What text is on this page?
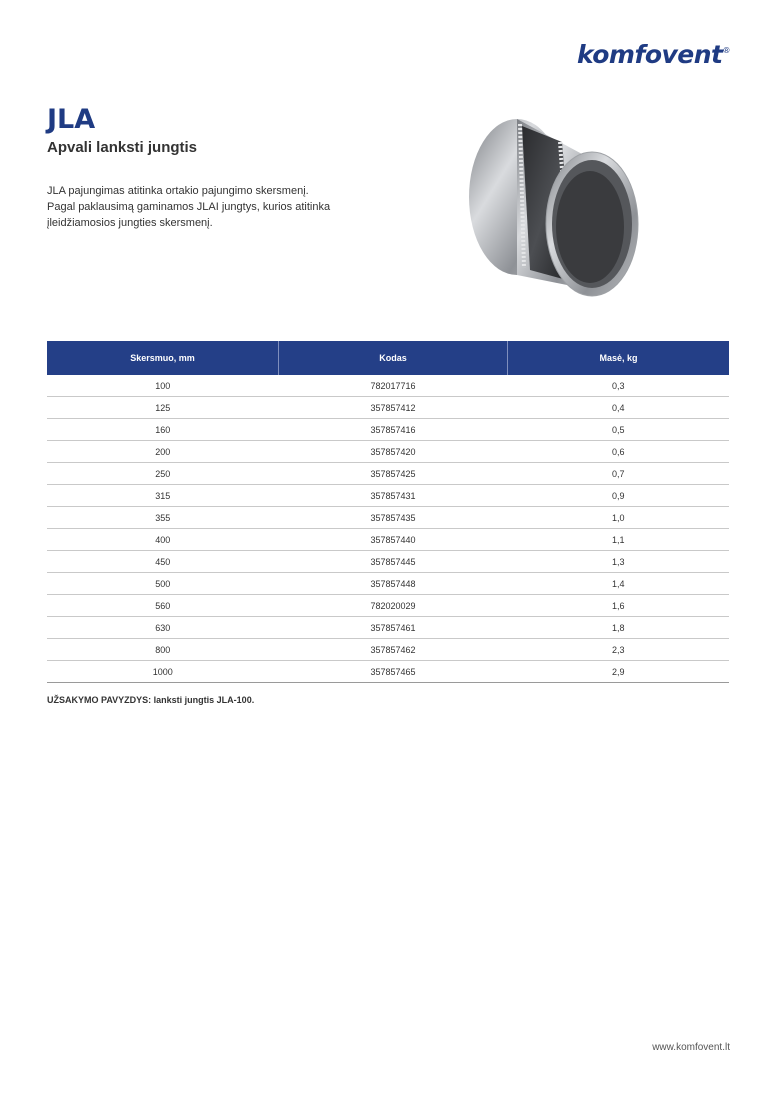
komfovent®
JLA
Apvali lanksti jungtis

JLA pajungimas atitinka ortakio pajungimo skersmenį.

Pagal paklausimą gaminamos JLAI jungtys, kurios atitinka

įleidžiamosios jungties skersmenį.

Skersmuo, mm	Kodas	Masė, kg
100	782017716	0,3
125	357857412	0,4
160	357857416	0,5
200	357857420	0,6
250	357857425	0,7
315	357857431	0,9
355	357857435	1,0
400	357857440	1,1
450	357857445	1,3
500	357857448	1,4
560	782020029	1,6
630	357857461	1,8
800	357857462	2,3
1000	357857465	2,9
UŽSAKYMO PAVYZDYS: lanksti jungtis JLA-100.
www.komfovent.lt
